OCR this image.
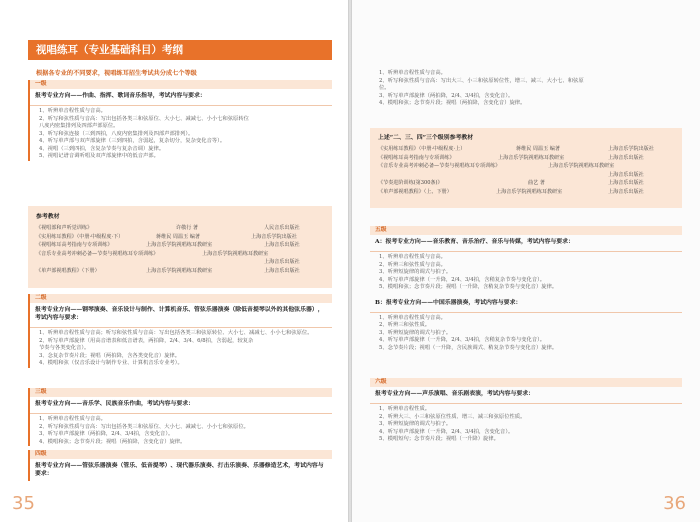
视唱练耳（专业基础科目）考纲
根据各专业的不同要求，视唱练耳招生考试共分成七个等级
一级
报考专业方向——作曲、指挥、歌词音乐指导，考试内容与要求：
1、听辨单音程性质与音高。
2、听写和弦性质与音高：写出包括各类三和弦原位、大小七、减减七、小小七和弦原转位
八度内密集排列及四部声部原位。
3、听写和弦连接（三到四拍，八度内密集排列及四部声部排列）。
4、听写单声部与双声部旋律（三到四拍，含弱起，复杂切分，复杂变化音等）。
4、视唱（三到四拍，含复杂节奏与复杂音调）旋律。
5、视唱记谱音调听唱及双声部旋律中的低音声部。
参考教材
《视唱部和声听觉训练》	许敬行 著	人民音乐出版社
《实用练耳教程》（中册·中级程度·下）	蒋维民 周温玉 编著	上海音乐学院出版社
《视唱练耳高考指南与专项训练》	上海音乐学院视唱练耳教研室	上海音乐出版社
《音乐专业高考冲刺必备—节奏与视唱练耳专项训练》	上海音乐学院视唱练耳教研室
上海音乐出版社
《单声部视唱教程》（下册）	上海音乐学院视唱练耳教研室	上海音乐出版社
二级
报考专业方向——钢琴演奏、音乐设计与制作、计算机音乐、管弦乐器演奏（除低音提琴以外的其他弦乐器），考试内容与要求：
1、听辨单音程性质与音高；听写和弦性质与音高：写出包括各类三和弦原转位、大小七、减减七、小小七和弦原位。
2、听写单声部旋律（用高音谱表和低音谱表，两拍降，2/4、3/4、6/8拍，含弱起，较复杂
节奏与各类变化音）。
3、念复杂节奏片段；视唱（两拍降，含各类变化音）旋律。
4、模唱和弦（仅音乐设计与制作专业、计算机音乐专业考）。
三级
报考专业方向——音乐学、民族音乐作曲，考试内容与要求：
1、听辨单音程性质与音高。
2、听写和弦性质与音高：写出包括各类三和弦原位、大小七、减减七、小小七和弦原位。
3、听写单声部旋律（两拍降，2/4、3/4拍，含变化音）。
4、模唱和弦；念节奏片段；视唱（两拍降，含变化音）旋律。
四级
报考专业方向——管弦乐器演奏（管乐、低音提琴）、现代器乐演奏、打击乐演奏、乐器修造艺术，考试内容与要求：
35
1、听辨单音程性质与音高。
2、听写和弦性质与音高：写出大三、小三和弦原转位性，增三、减三、大小七、和弦原
位。
3、听写单声部旋律（两拍降，2/4、3/4拍，含变化音）。
4、模唱和弦；念节奏片段；视唱（两拍降，含变化音）旋律。
上述“二、三、四”三个级别参考教材
《实用练耳教程》（中册·中级程度·上）	蒋维民 周温玉 编著	上海音乐学院出版社
《视唱练耳高考指南与专项训练》	上海音乐学院视唱练耳教研室	上海音乐出版社
《音乐专业高考冲刺必备—节奏与视唱练耳专项训练》	上海音乐学院视唱练耳教研室
上海音乐出版社
《节奏进阶训练(第300条)》	曲艺 著	上海音乐出版社
《单声部视唱教程》（上、下册）	上海音乐学院视唱练耳教研室	上海音乐出版社
五级
A：报考专业方向——音乐教育、音乐治疗、音乐与传媒，考试内容与要求：
1、听辨单音程性质与音高。
2、听辨三和弦性质与音高。
3、听辨短旋律的调式与拍子。
4、听写单声部旋律（一升降，2/4、3/4拍，含稍复杂节奏与变化音）。
5、模唱和弦；念节奏片段；视唱（一升降，含稍复杂节奏与变化音）旋律。
B：报考专业方向——中国乐器演奏，考试内容与要求：
1、听辨单音程性质与音高。
2、听辨三和弦性质。
3、听辨短旋律的调式与拍子。
4、听写单声部旋律（一升降，2/4、3/4拍，含稍复杂节奏与变化音）。
5、念节奏片段；视唱（一升降，含民族调式、稍复杂节奏与变化音）旋律。
六级
报考专业方向——声乐演唱、音乐剧表演，考试内容与要求：
1、听辨单音程性质。
2、听辨大三、小三和弦原位性质、增三、减三和弦原位性质。
3、听辨短旋律的调式与拍子。
4、听写单声部旋律（一升降，2/4、3/4拍，含变化音）。
5、模唱短句；念节奏片段；视唱（一升降）旋律。
36
